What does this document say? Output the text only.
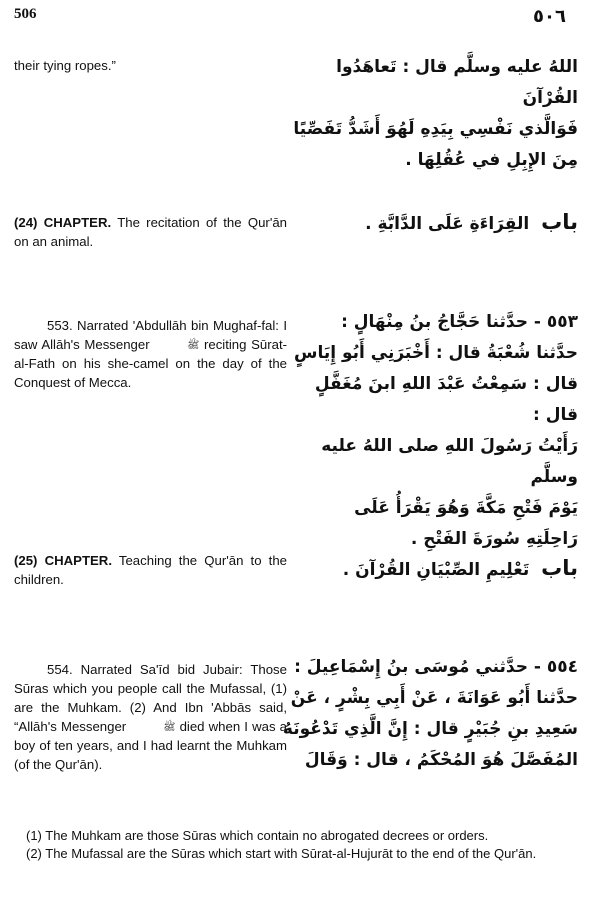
506	٥٠٦
their tying ropes.”	اللهُ عليه وسلَّم قال : تَعاهَدُوا القُرْآنَ
فَوَالَّذي نَفْسِي بِيَدِهِ لَهُوَ أَشَدُّ تَفَصِّيًا
مِنَ الإِبِلِ في عُقُلِهَا .
(24) CHAPTER. The recitation of the Qur'ān on an animal.
باب القِرَاءَةِ عَلَى الدَّابَّةِ .
553. Narrated 'Abdullāh bin Mughaf-fal: I saw Allāh's Messenger	ﷺ reciting Sūrat-al-Fath on his she-camel on the day of the Conquest of Mecca.
٥٥٣ - حدَّثنا حَجَّاجُ بنُ مِنْهَالٍ :
حدَّثنا شُعْبَةُ قال : أَخْبَرَنِي أَبُو إِيَاسٍ
قال : سَمِعْتُ عَبْدَ اللهِ ابنَ مُغَفَّلٍ قال :
رَأَيْتُ رَسُولَ اللهِ صلى اللهُ عليه وسلَّم
يَوْمَ فَتْحِ مَكَّةَ وَهُوَ يَقْرَأُ عَلَى
رَاحِلَتِهِ سُورَةَ الفَتْحِ .
(25) CHAPTER. Teaching the Qur'ān to the children.	باب تَعْلِيمِ الصِّبْيَانِ القُرْآنَ .
554. Narrated Sa'īd bid Jubair: Those Sūras which you people call the Mufassal, (1) are the Muhkam. (2) And Ibn 'Abbās said, “Allāh's Messenger	ﷺ died when I was a boy of ten years, and I had learnt the Muhkam (of the Qur'ān).
٥٥٤ - حدَّثني مُوسَى بنُ إِسْمَاعِيلَ :
حدَّثنا أَبُو عَوَانَةَ ، عَنْ أَبِي بِشْرٍ ، عَنْ
سَعِيدِ بنِ جُبَيْرٍ قال : إِنَّ الَّذِي تَدْعُونَهُ
المُفَصَّلَ هُوَ المُحْكَمُ ، قال : وَقَالَ
(1) The Muhkam are those Sūras which contain no abrogated decrees or orders.
(2) The Mufassal are the Sūras which start with Sūrat-al-Hujurāt to the end of the Qur'ān.
